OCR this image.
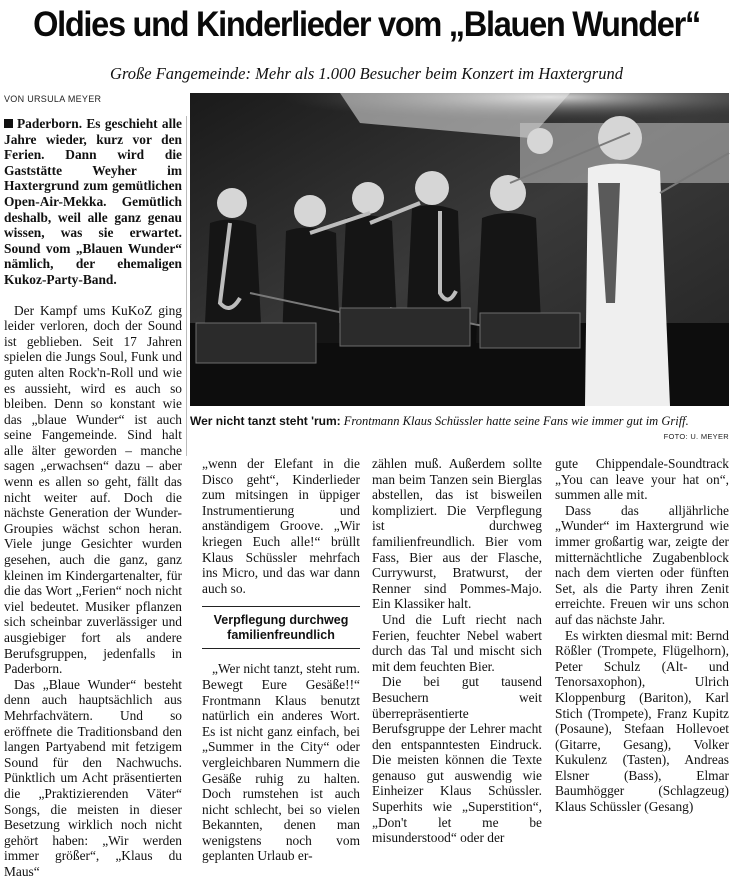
Oldies und Kinderlieder vom „Blauen Wunder“
Große Fangemeinde: Mehr als 1.000 Besucher beim Konzert im Haxtergrund
VON URSULA MEYER

Paderborn. Es geschieht alle Jahre wieder, kurz vor den Ferien. Dann wird die Gaststätte Weyher im Haxtergrund zum gemütlichen Open-Air-Mekka. Gemütlich deshalb, weil alle ganz genau wissen, was sie erwartet. Sound vom „Blauen Wunder“ nämlich, der ehemaligen Kukoz-Party-Band.

Der Kampf ums KuKoZ ging leider verloren, doch der Sound ist geblieben. Seit 17 Jahren spielen die Jungs Soul, Funk und guten alten Rock'n-Roll und wie es aussieht, wird es auch so bleiben. Denn so konstant wie das „blaue Wunder“ ist auch seine Fangemeinde. Sind halt alle älter geworden – manche sagen „erwachsen“ dazu – aber wenn es allen so geht, fällt das nicht weiter auf. Doch die nächste Generation der Wunder-Groupies wächst schon heran. Viele junge Gesichter wurden gesehen, auch die ganz, ganz kleinen im Kindergartenalter, für die das Wort „Ferien“ noch nicht viel bedeutet. Musiker pflanzen sich scheinbar zuverlässiger und ausgiebiger fort als andere Berufsgruppen, jedenfalls in Paderborn.

Das „Blaue Wunder“ besteht denn auch hauptsächlich aus Mehrfachvätern. Und so eröffnete die Traditionsband den langen Partyabend mit fetzigem Sound für den Nachwuchs. Pünktlich um Acht präsentierten die „Praktizierenden Väter“ Songs, die meisten in dieser Besetzung wirklich noch nicht gehört haben: „Wir werden immer größer“, „Klaus du Maus“

Wer nicht tanzt steht 'rum: Frontmann Klaus Schüssler hatte seine Fans wie immer gut im Griff.
FOTO: U. MEYER

„wenn der Elefant in die Disco geht“, Kinderlieder zum mitsingen in üppiger Instrumentierung und anständigem Groove. „Wir kriegen Euch alle!“ brüllt Klaus Schüssler mehrfach ins Micro, und das war dann auch so.

Verpflegung durchweg familienfreundlich

„Wer nicht tanzt, steht rum. Bewegt Eure Gesäße!!“ Frontmann Klaus benutzt natürlich ein anderes Wort. Es ist nicht ganz einfach, bei „Summer in the City“ oder vergleichbaren Nummern die Gesäße ruhig zu halten. Doch rumstehen ist auch nicht schlecht, bei so vielen Bekannten, denen man wenigstens noch vom geplanten Urlaub er-

zählen muß. Außerdem sollte man beim Tanzen sein Bierglas abstellen, das ist bisweilen kompliziert. Die Verpflegung ist durchweg familienfreundlich. Bier vom Fass, Bier aus der Flasche, Currywurst, Bratwurst, der Renner sind Pommes-Majo. Ein Klassiker halt.

Und die Luft riecht nach Ferien, feuchter Nebel wabert durch das Tal und mischt sich mit dem feuchten Bier.

Die bei gut tausend Besuchern weit überrepräsentierte Berufsgruppe der Lehrer macht den entspanntesten Eindruck. Die meisten können die Texte genauso gut auswendig wie Einheizer Klaus Schüssler. Superhits wie „Superstition“, „Don't let me be misunderstood“ oder der

gute Chippendale-Soundtrack „You can leave your hat on“, summen alle mit.

Dass das alljährliche „Wunder“ im Haxtergrund wie immer großartig war, zeigte der mitternächtliche Zugabenblock nach dem vierten oder fünften Set, als die Party ihren Zenit erreichte. Freuen wir uns schon auf das nächste Jahr.

Es wirkten diesmal mit: Bernd Rößler (Trompete, Flügelhorn), Peter Schulz (Alt- und Tenorsaxophon), Ulrich Kloppenburg (Bariton), Karl Stich (Trompete), Franz Kupitz (Posaune), Stefaan Hollevoet (Gitarre, Gesang), Volker Kukulenz (Tasten), Andreas Elsner (Bass), Elmar Baumhögger (Schlagzeug) Klaus Schüssler (Gesang)
